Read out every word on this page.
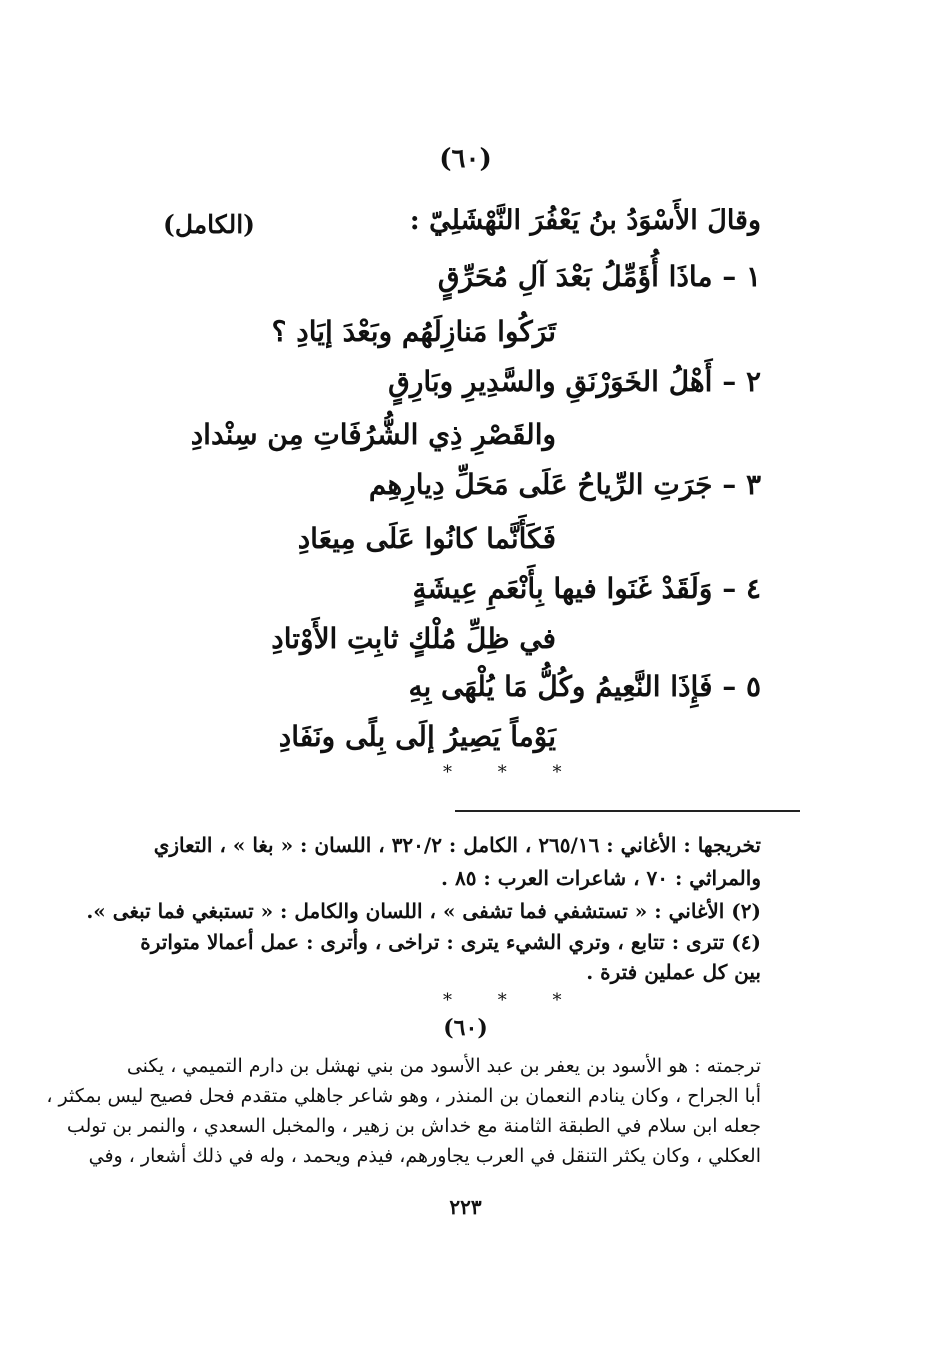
(٦٠)
وقالَ الأَسْوَدُ بنُ يَعْفُرَ النَّهْشَلِيّ :
(الكامل)
١ – ماذَا أُؤَمِّلُ بَعْدَ آلِ مُحَرِّقٍ
تَرَكُوا مَنازِلَهُم وبَعْدَ إيَادِ ؟
٢ – أَهْلُ الخَوَرْنَقِ والسَّدِيرِ وبَارِقٍ
والقَصْرِ ذِي الشُّرُفَاتِ مِن سِنْدادِ
٣ – جَرَتِ الرِّياحُ عَلَى مَحَلِّ دِيارِهِم
فَكَأَنَّما كانُوا عَلَى مِيعَادِ
٤ – وَلَقَدْ غَنَوا فيها بِأَنْعَمِ عِيشَةٍ
في ظِلِّ مُلْكٍ ثابِتِ الأَوْتادِ
٥ – فَإِذَا النَّعِيمُ وكُلُّ مَا يُلْهَى بِهِ
يَوْماً يَصِيرُ إلَى بِلًى ونَفَادِ
* * *
تخريجها : الأغاني : ٢٦٥/١٦ ، الكامل : ٣٢٠/٢ ، اللسان : « بغا » ، التعازي
والمراثي : ٧٠ ، شاعرات العرب : ٨٥ .
(٢) الأغاني : « تستشفي فما تشفى » ، اللسان والكامل : « تستبغي فما تبغى ».
(٤) تترى : تتابع ، وتري الشيء يترى : تراخى ، وأترى : عمل أعمالا متواترة
بين كل عملين فترة .
* * *
(٦٠)
ترجمته : هو الأسود بن يعفر بن عبد الأسود من بني نهشل بن دارم التميمي ، يكنى
أبا الجراح ، وكان ينادم النعمان بن المنذر ، وهو شاعر جاهلي متقدم فحل فصيح ليس بمكثر ،
جعله ابن سلام في الطبقة الثامنة مع خداش بن زهير ، والمخبل السعدي ، والنمر بن تولب
العكلي ، وكان يكثر التنقل في العرب يجاورهم، فيذم ويحمد ، وله في ذلك أشعار ، وفي
٢٢٣
